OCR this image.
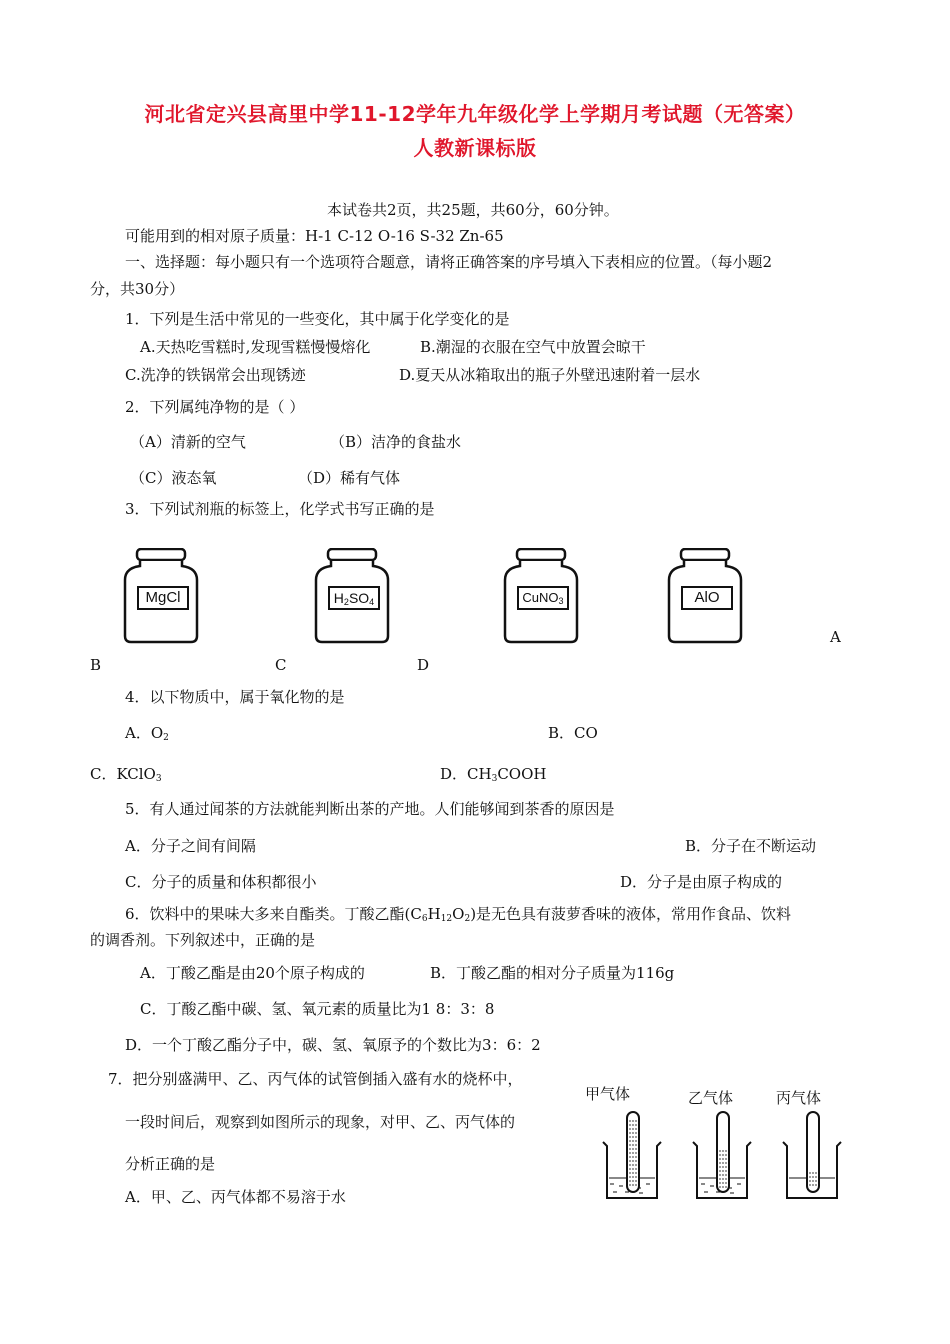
河北省定兴县高里中学11-12学年九年级化学上学期月考试题（无答案）
人教新课标版
本试卷共2页，共25题，共60分，60分钟。
可能用到的相对原子质量：H-1 C-12 O-16 S-32 Zn-65
一、选择题：每小题只有一个选项符合题意，请将正确答案的序号填入下表相应的位置。（每小题2
分，共30分）
1．下列是生活中常见的一些变化，其中属于化学变化的是
A.天热吃雪糕时,发现雪糕慢慢熔化	B.潮湿的衣服在空气中放置会晾干
C.洗净的铁锅常会出现锈迹	D.夏天从冰箱取出的瓶子外壁迅速附着一层水
2．下列属纯净物的是（ ）
（A）清新的空气	（B）洁净的食盐水
（C）液态氧	（D）稀有气体
3．下列试剂瓶的标签上，化学式书写正确的是
MgCl	$H_2SO_4$	CuNO$_3$	AlO
A
B	C	D
4．以下物质中，属于氧化物的是
A．$O_2$	B．CO
C．KClO$_3$	D．$CH_3COOH$
5．有人通过闻茶的方法就能判断出茶的产地。人们能够闻到茶香的原因是
A．分子之间有间隔	B．分子在不断运动
C．分子的质量和体积都很小	D．分子是由原子构成的
6．饮料中的果味大多来自酯类。丁酸乙酯$(C_6H_{12}O_2)$是无色具有菠萝香味的液体，常用作食品、饮料
的调香剂。下列叙述中，正确的是
A．丁酸乙酯是由20个原子构成的	B．丁酸乙酯的相对分子质量为116g
C．丁酸乙酯中碳、氢、氧元素的质量比为1 8：3：8
D．一个丁酸乙酯分子中，碳、氢、氧原予的个数比为3：6：2
7．把分别盛满甲、乙、丙气体的试管倒插入盛有水的烧杯中，
一段时间后，观察到如图所示的现象，对甲、乙、丙气体的
分析正确的是
A．甲、乙、丙气体都不易溶于水
甲气体	乙气体	丙气体
